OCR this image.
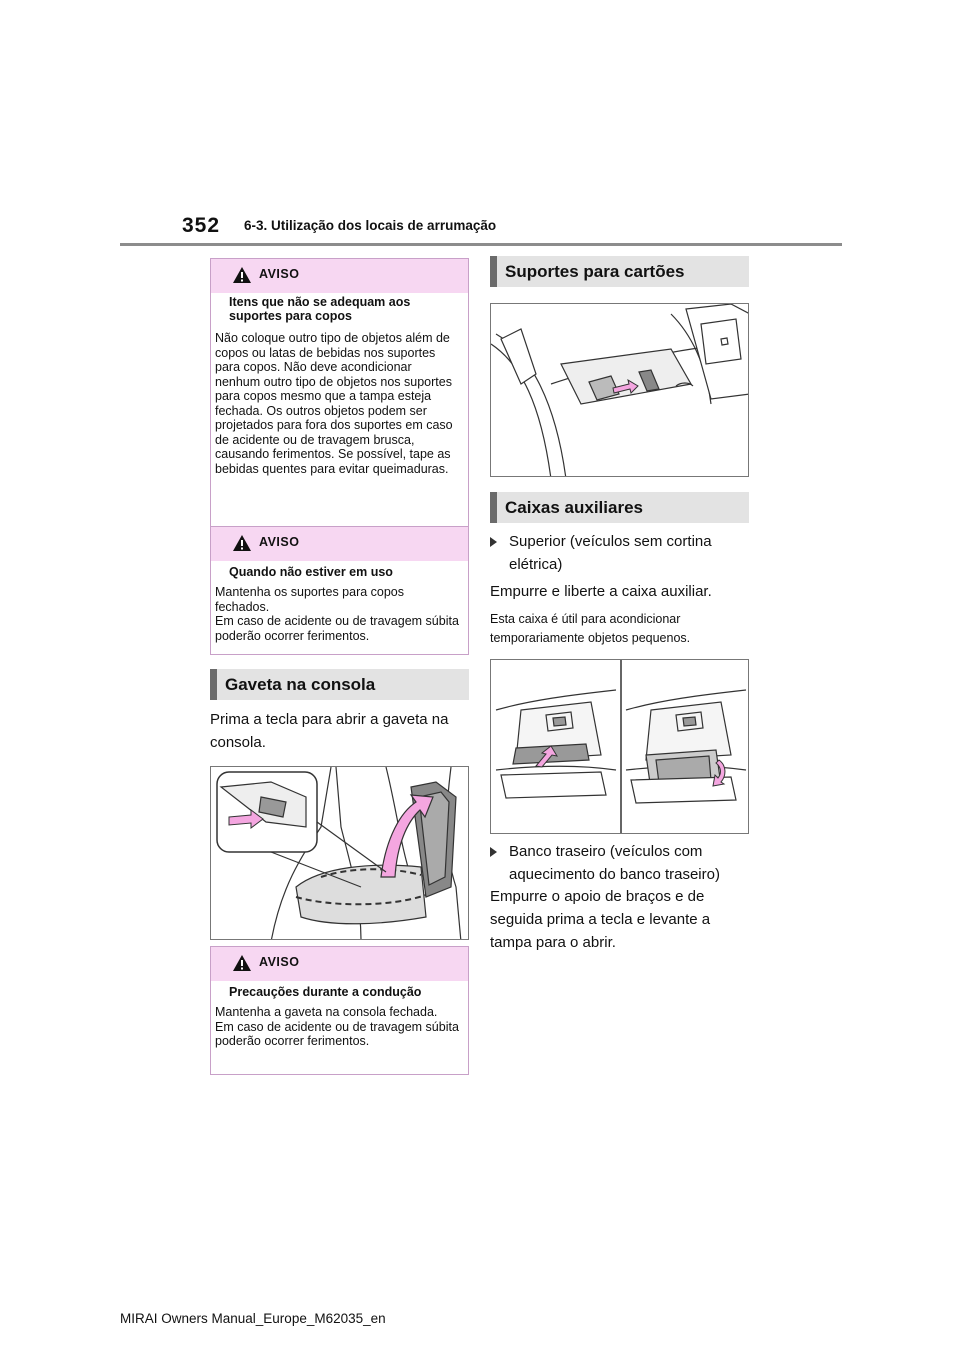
352 6-3. Utilização dos locais de arrumação
AVISO
Itens que não se adequam aos suportes para copos
Não coloque outro tipo de objetos além de copos ou latas de bebidas nos suportes para copos. Não deve acondicionar nenhum outro tipo de objetos nos suportes para copos mesmo que a tampa esteja fechada. Os outros objetos podem ser projetados para fora dos suportes em caso de acidente ou de travagem brusca, causando ferimentos. Se possível, tape as bebidas quentes para evitar queimaduras.
AVISO
Quando não estiver em uso
Mantenha os suportes para copos fechados.
Em caso de acidente ou de travagem súbita poderão ocorrer ferimentos.
Gaveta na consola
Prima a tecla para abrir a gaveta na consola.
AVISO
Precauções durante a condução
Mantenha a gaveta na consola fechada.
Em caso de acidente ou de travagem súbita poderão ocorrer ferimentos.
Suportes para cartões
Caixas auxiliares
Superior (veículos sem cortina elétrica)
Empurre e liberte a caixa auxiliar.
Esta caixa é útil para acondicionar temporariamente objetos pequenos.
Banco traseiro (veículos com aquecimento do banco traseiro)
Empurre o apoio de braços e de seguida prima a tecla e levante a tampa para o abrir.
MIRAI Owners Manual_Europe_M62035_en
